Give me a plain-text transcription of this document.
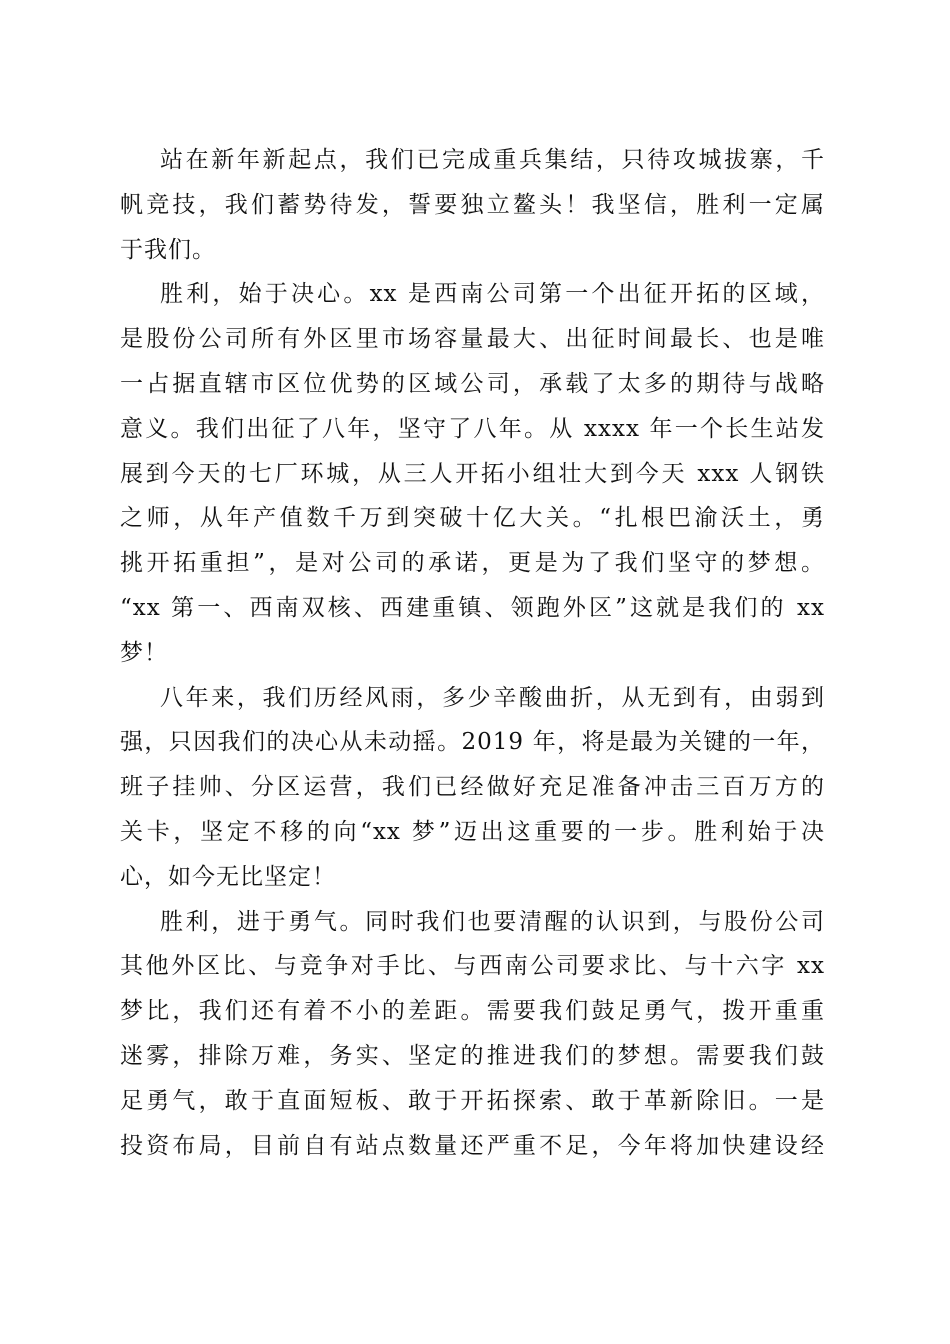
站在新年新起点，我们已完成重兵集结，只待攻城拔寨，千
帆竞技，我们蓄势待发，誓要独立鳌头！我坚信，胜利一定属
于我们。
胜利，始于决心。xx 是西南公司第一个出征开拓的区域，
是股份公司所有外区里市场容量最大、出征时间最长、也是唯
一占据直辖市区位优势的区域公司，承载了太多的期待与战略
意义。我们出征了八年，坚守了八年。从 xxxx 年一个长生站发
展到今天的七厂环城，从三人开拓小组壮大到今天 xxx 人钢铁
之师，从年产值数千万到突破十亿大关。“扎根巴渝沃土，勇
挑开拓重担”，是对公司的承诺，更是为了我们坚守的梦想。
“xx 第一、西南双核、西建重镇、领跑外区”这就是我们的 xx
梦！
八年来，我们历经风雨，多少辛酸曲折，从无到有，由弱到
强，只因我们的决心从未动摇。2019 年，将是最为关键的一年，
班子挂帅、分区运营，我们已经做好充足准备冲击三百万方的
关卡，坚定不移的向“xx 梦”迈出这重要的一步。胜利始于决
心，如今无比坚定！
胜利，进于勇气。同时我们也要清醒的认识到，与股份公司
其他外区比、与竞争对手比、与西南公司要求比、与十六字 xx
梦比，我们还有着不小的差距。需要我们鼓足勇气，拨开重重
迷雾，排除万难，务实、坚定的推进我们的梦想。需要我们鼓
足勇气，敢于直面短板、敢于开拓探索、敢于革新除旧。一是
投资布局，目前自有站点数量还严重不足，今年将加快建设经
